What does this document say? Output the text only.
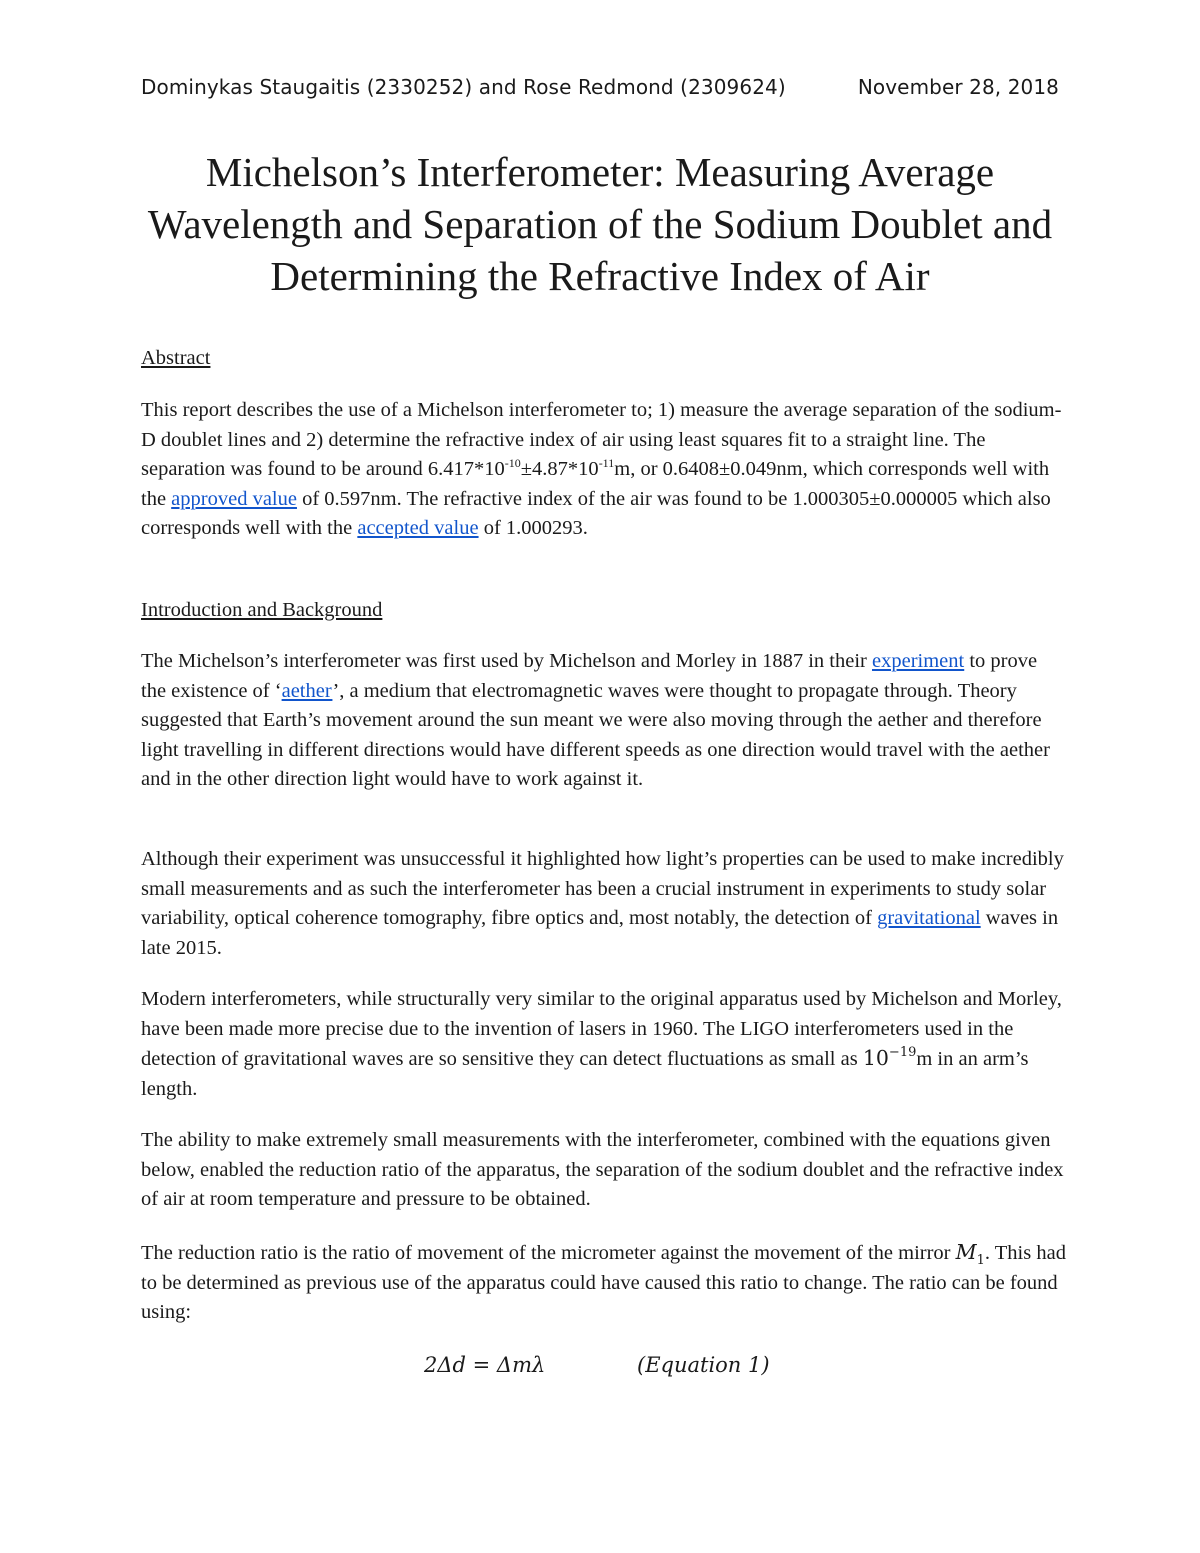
Dominykas Staugaitis (2330252) and Rose Redmond (2309624)	November 28, 2018
Michelson’s Interferometer: Measuring Average Wavelength and Separation of the Sodium Doublet and Determining the Refractive Index of Air
Abstract

This report describes the use of a Michelson interferometer to; 1) measure the average separation of the sodium-D doublet lines and 2) determine the refractive index of air using least squares fit to a straight line. The separation was found to be around $6.417*10^{-10}\pm 4.87*10^{-11}m$, or 0.6408±0.049nm, which corresponds well with the approved value of 0.597nm. The refractive index of the air was found to be 1.000305±0.000005 which also corresponds well with the accepted value of 1.000293.

Introduction and Background

The Michelson’s interferometer was first used by Michelson and Morley in 1887 in their experiment to prove the existence of ‘aether’, a medium that electromagnetic waves were thought to propagate through. Theory suggested that Earth’s movement around the sun meant we were also moving through the aether and therefore light travelling in different directions would have different speeds as one direction would travel with the aether and in the other direction light would have to work against it.

Although their experiment was unsuccessful it highlighted how light’s properties can be used to make incredibly small measurements and as such the interferometer has been a crucial instrument in experiments to study solar variability, optical coherence tomography, fibre optics and, most notably, the detection of gravitational waves in late 2015.

Modern interferometers, while structurally very similar to the original apparatus used by Michelson and Morley, have been made more precise due to the invention of lasers in 1960. The LIGO interferometers used in the detection of gravitational waves are so sensitive they can detect fluctuations as small as $10^{-19}m$ in an arm’s length.

The ability to make extremely small measurements with the interferometer, combined with the equations given below, enabled the reduction ratio of the apparatus, the separation of the sodium doublet and the refractive index of air at room temperature and pressure to be obtained.

The reduction ratio is the ratio of movement of the micrometer against the movement of the mirror $M_1$. This had to be determined as previous use of the apparatus could have caused this ratio to change. The ratio can be found using:

2Δd = Δmλ	(Equation 1)
